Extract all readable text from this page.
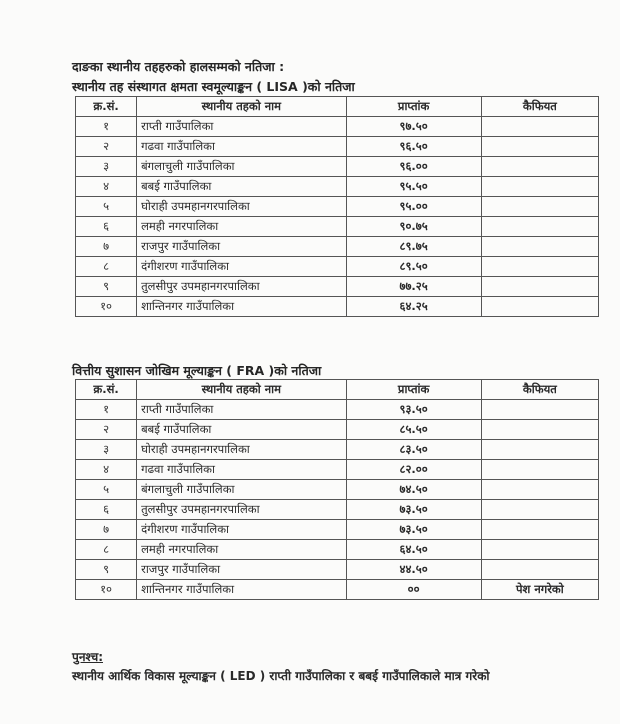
दाङका स्थानीय तहहरुको हालसम्मको नतिजा :
स्थानीय तह संस्थागत क्षमता स्वमूल्याङ्कन ( LISA )को नतिजा
क्र.सं.	स्थानीय तहको नाम	प्राप्तांक	कैफियत
१	राप्ती गाउँपालिका	९७.५०	
२	गढवा गाउँपालिका	९६.५०	
३	बंगलाचुली गाउँपालिका	९६.००	
४	बबई गाउँपालिका	९५.५०	
५	घोराही उपमहानगरपालिका	९५.००	
६	लमही नगरपालिका	९०.७५	
७	राजपुर गाउँपालिका	८९.७५	
८	दंगीशरण गाउँपालिका	८९.५०	
९	तुलसीपुर उपमहानगरपालिका	७७.२५	
१०	शान्तिनगर गाउँपालिका	६४.२५	
वित्तीय सुशासन जोखिम मूल्याङ्कन ( FRA )को नतिजा
क्र.सं.	स्थानीय तहको नाम	प्राप्तांक	कैफियत
१	राप्ती गाउँपालिका	९३.५०	
२	बबई गाउँपालिका	८५.५०	
३	घोराही उपमहानगरपालिका	८३.५०	
४	गढवा गाउँपालिका	८२.००	
५	बंगलाचुली गाउँपालिका	७४.५०	
६	तुलसीपुर उपमहानगरपालिका	७३.५०	
७	दंगीशरण गाउँपालिका	७३.५०	
८	लमही नगरपालिका	६४.५०	
९	राजपुर गाउँपालिका	४४.५०	
१०	शान्तिनगर गाउँपालिका	००	पेश नगरेको
पुनश्च:
स्थानीय आर्थिक विकास मूल्याङ्कन ( LED ) राप्ती गाउँपालिका र बबई गाउँपालिकाले मात्र गरेको
